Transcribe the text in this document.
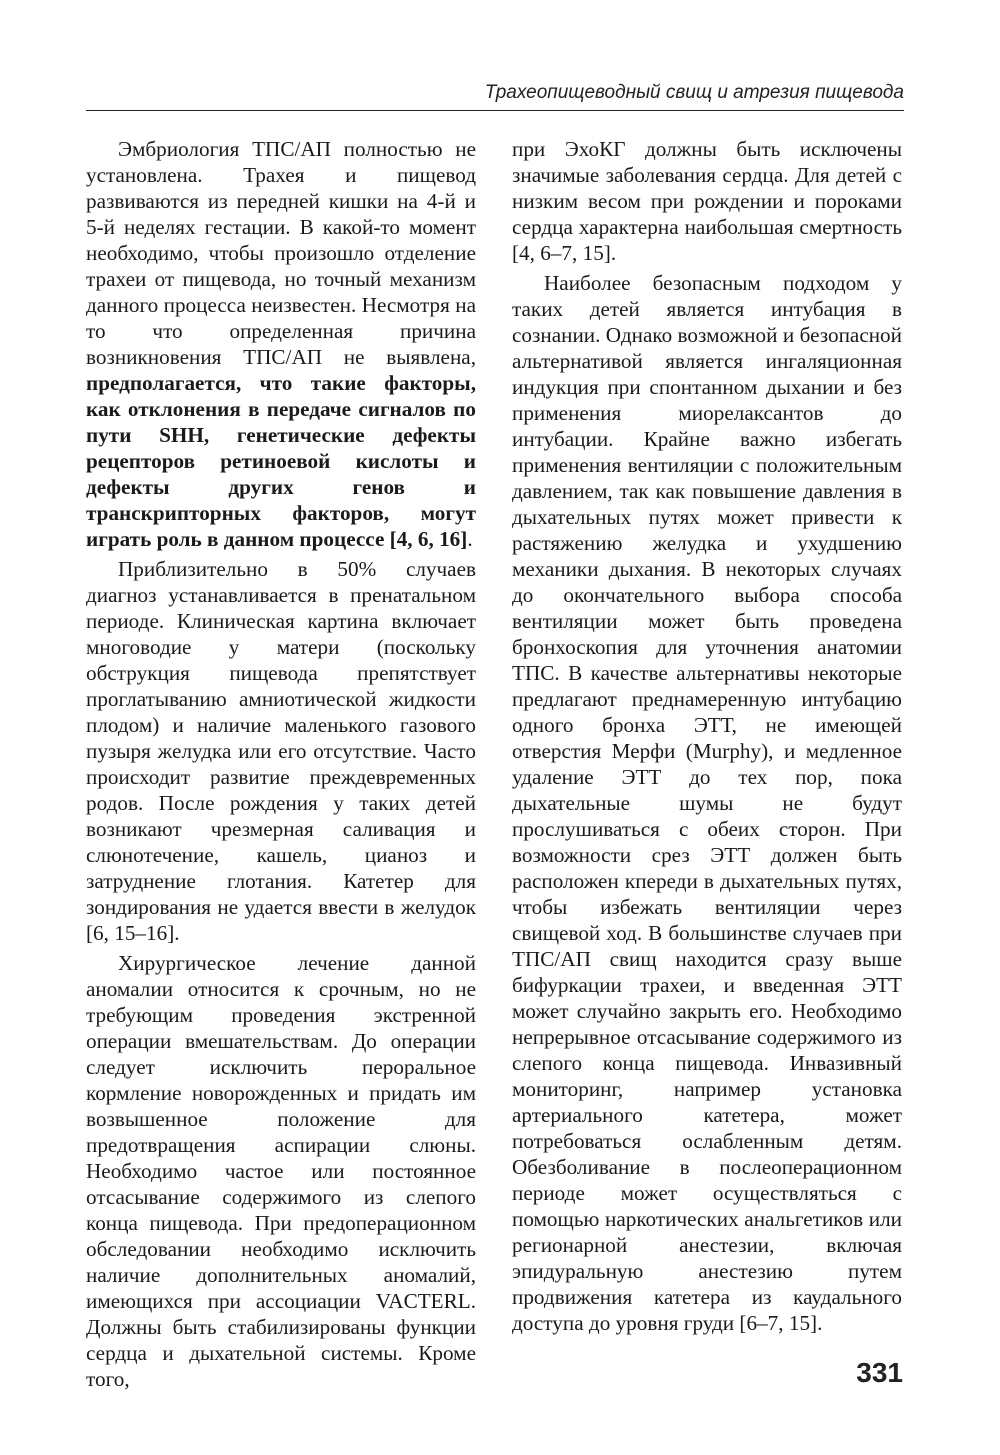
Трахеопищеводный свищ и атрезия пищевода

Эмбриология ТПС/АП полностью не установлена. Трахея и пищевод развиваются из передней кишки на 4-й и 5-й неделях гестации. В какой-то момент необходимо, чтобы произошло отделение трахеи от пищевода, но точный механизм данного процесса неизвестен. Несмотря на то что определенная причина возникновения ТПС/АП не выявлена, предполагается, что такие факторы, как отклонения в передаче сигналов по пути SHH, генетические дефекты рецепторов ретиноевой кислоты и дефекты других генов и транскрипторных факторов, могут играть роль в данном процессе [4, 6, 16].

Приблизительно в 50% случаев диагноз устанавливается в пренатальном периоде. Клиническая картина включает многоводие у матери (поскольку обструкция пищевода препятствует проглатыванию амниотической жидкости плодом) и наличие маленького газового пузыря желудка или его отсутствие. Часто происходит развитие преждевременных родов. После рождения у таких детей возникают чрезмерная саливация и слюнотечение, кашель, цианоз и затруднение глотания. Катетер для зондирования не удается ввести в желудок [6, 15–16].

Хирургическое лечение данной аномалии относится к срочным, но не требующим проведения экстренной операции вмешательствам. До операции следует исключить пероральное кормление новорожденных и придать им возвышенное положение для предотвращения аспирации слюны. Необходимо частое или постоянное отсасывание содержимого из слепого конца пищевода. При предоперационном обследовании необходимо исключить наличие дополнительных аномалий, имеющихся при ассоциации VACTERL. Должны быть стабилизированы функции сердца и дыхательной системы. Кроме того,

при ЭхоКГ должны быть исключены значимые заболевания сердца. Для детей с низким весом при рождении и пороками сердца характерна наибольшая смертность [4, 6–7, 15].

Наиболее безопасным подходом у таких детей является интубация в сознании. Однако возможной и безопасной альтернативой является ингаляционная индукция при спонтанном дыхании и без применения миорелаксантов до интубации. Крайне важно избегать применения вентиляции с положительным давлением, так как повышение давления в дыхательных путях может привести к растяжению желудка и ухудшению механики дыхания. В некоторых случаях до окончательного выбора способа вентиляции может быть проведена бронхоскопия для уточнения анатомии ТПС. В качестве альтернативы некоторые предлагают преднамеренную интубацию одного бронха ЭТТ, не имеющей отверстия Мерфи (Murphy), и медленное удаление ЭТТ до тех пор, пока дыхательные шумы не будут прослушиваться с обеих сторон. При возможности срез ЭТТ должен быть расположен кпереди в дыхательных путях, чтобы избежать вентиляции через свищевой ход. В большинстве случаев при ТПС/АП свищ находится сразу выше бифуркации трахеи, и введенная ЭТТ может случайно закрыть его. Необходимо непрерывное отсасывание содержимого из слепого конца пищевода. Инвазивный мониторинг, например установка артериального катетера, может потребоваться ослабленным детям. Обезболивание в послеоперационном периоде может осуществляться с помощью наркотических анальгетиков или регионарной анестезии, включая эпидуральную анестезию путем продвижения катетера из каудального доступа до уровня груди [6–7, 15].

331
